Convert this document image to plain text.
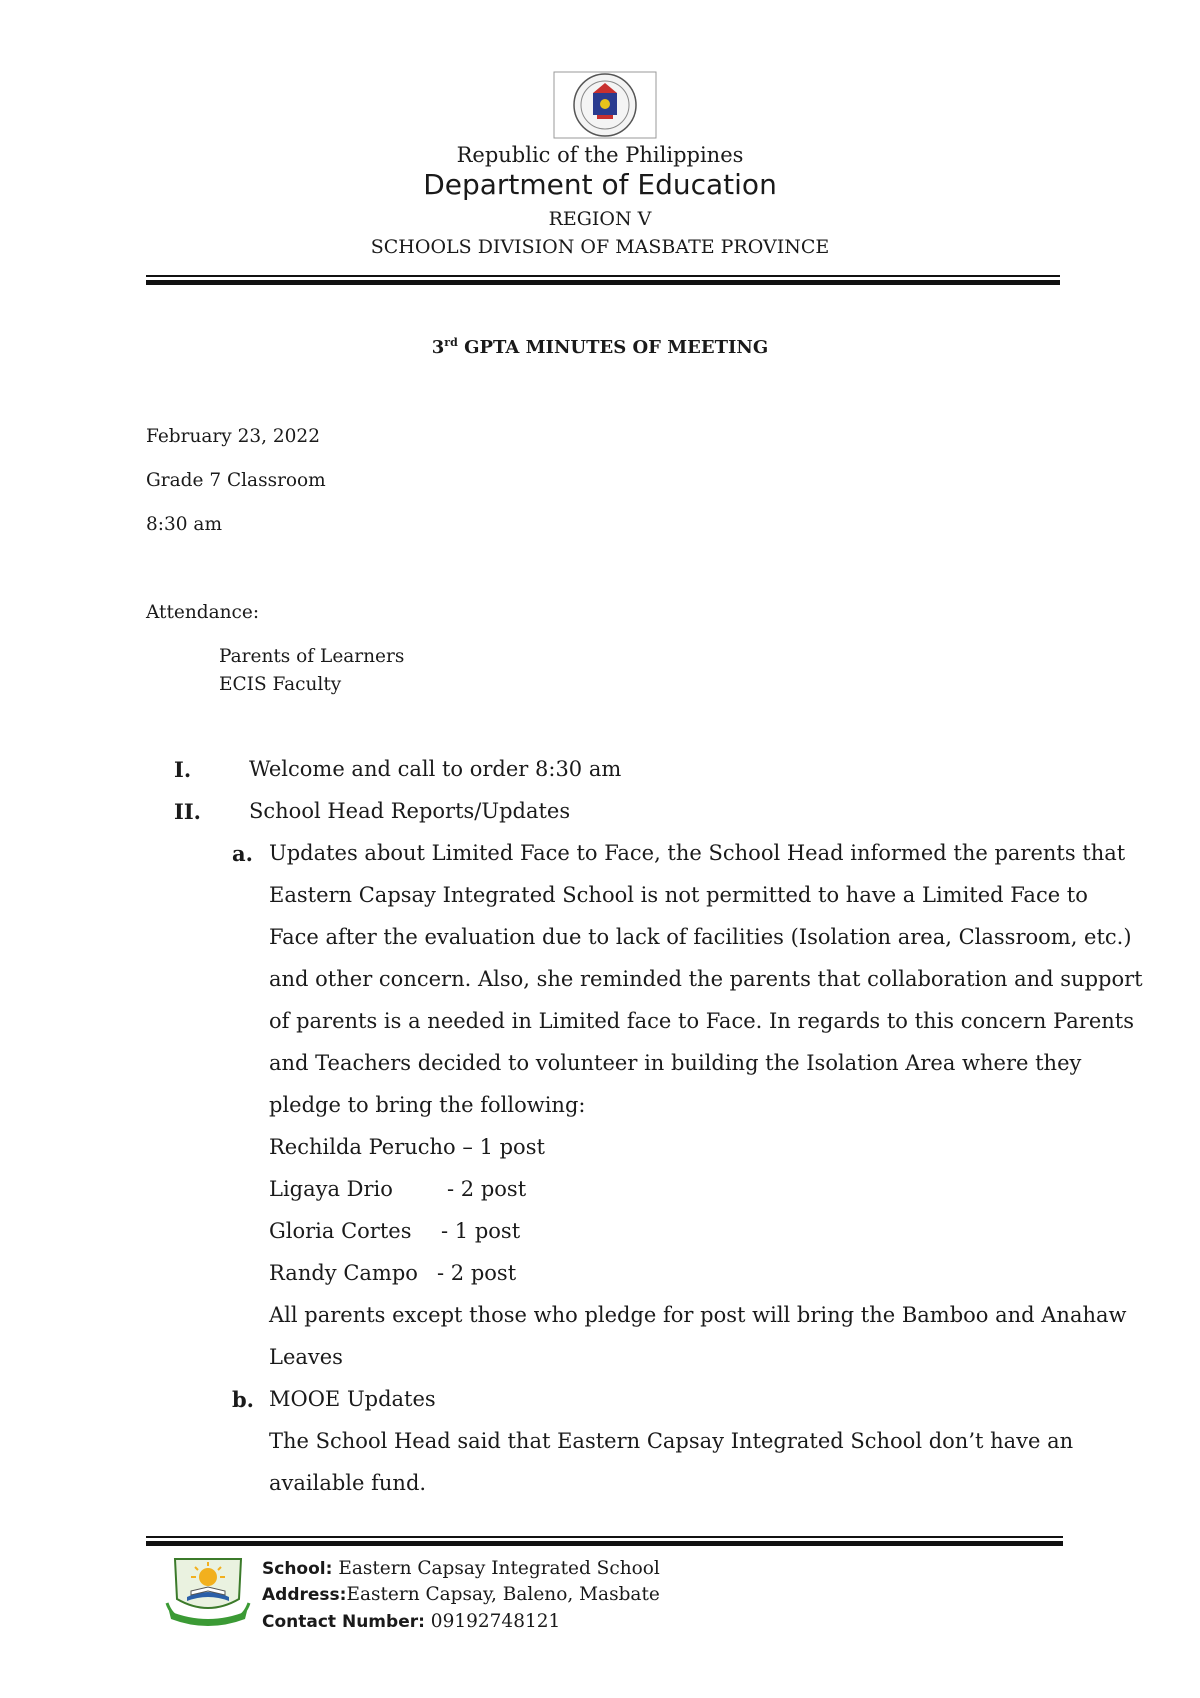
Republic of the Philippines
Department of Education
REGION V
SCHOOLS DIVISION OF MASBATE PROVINCE
3rd GPTA MINUTES OF MEETING
February 23, 2022
Grade 7 Classroom
8:30 am
Attendance:
Parents of Learners
ECIS Faculty
I.	Welcome and call to order 8:30 am
II. School Head Reports/Updates
a. Updates about Limited Face to Face, the School Head informed the parents that
Eastern Capsay Integrated School is not permitted to have a Limited Face to
Face after the evaluation due to lack of facilities (Isolation area, Classroom, etc.)
and other concern. Also, she reminded the parents that collaboration and support
of parents is a needed in Limited face to Face. In regards to this concern Parents
and Teachers decided to volunteer in building the Isolation Area where they
pledge to bring the following:
Rechilda Perucho – 1 post
Ligaya Drio	- 2 post
Gloria Cortes - 1 post
Randy Campo - 2 post
All parents except those who pledge for post will bring the Bamboo and Anahaw
Leaves
b. MOOE Updates
The School Head said that Eastern Capsay Integrated School don’t have an
available fund.
School: Eastern Capsay Integrated School
Address:Eastern Capsay, Baleno, Masbate
Contact Number: 09192748121
